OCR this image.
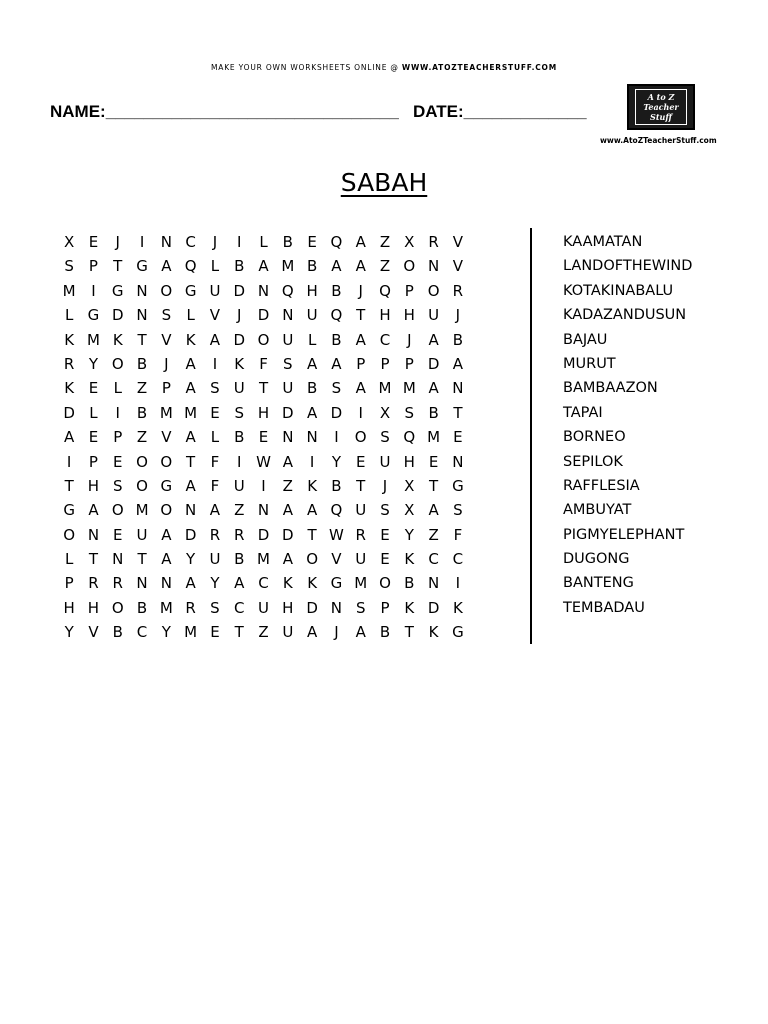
MAKE YOUR OWN WORKSHEETS ONLINE @ WWW.ATOZTEACHERSTUFF.COM
NAME:_______________________________ DATE:_____________
A to Z Teacher Stuff
www.AtoZTeacherStuff.com
SABAH
X E	J	I	N C	J	I	L B E Q A Z X R V
S	P	T G A Q L B A M B A A Z O N V
M	I	G N O G U D N Q H B	J	Q P O R
L G D N S	L V	J	D N U Q T H H U	J
K M K T V K A D O U L B A C	J	A B
R Y O B	J	A	I	K	F	S A A P	P	P D A
K E	L Z P A S U T U B S A M M A N
D L	I	B M M E S H D A D	I	X S B T
A E	P Z V A L B E N N	I	O S Q M E
I	P	E O O T	F	I W A	I	Y E U H E N
T H S O G A F U	I	Z K B T	J	X T G
G A O M O N A Z N A A Q U S X A S
O N E U A D R R D D T W R E Y Z F
L	T N T A Y U B M A O V U E K C C
P R R N N A Y A C K K G M O B N	I
H H O B M R S C U H D N S	P K D K
Y V B C Y M E T Z U A	J	A B T K G
KAAMATAN
LANDOFTHEWIND
KOTAKINABALU
KADAZANDUSUN
BAJAU
MURUT
BAMBAAZON
TAPAI
BORNEO
SEPILOK
RAFFLESIA
AMBUYAT
PIGMYELEPHANT
DUGONG
BANTENG
TEMBADAU
